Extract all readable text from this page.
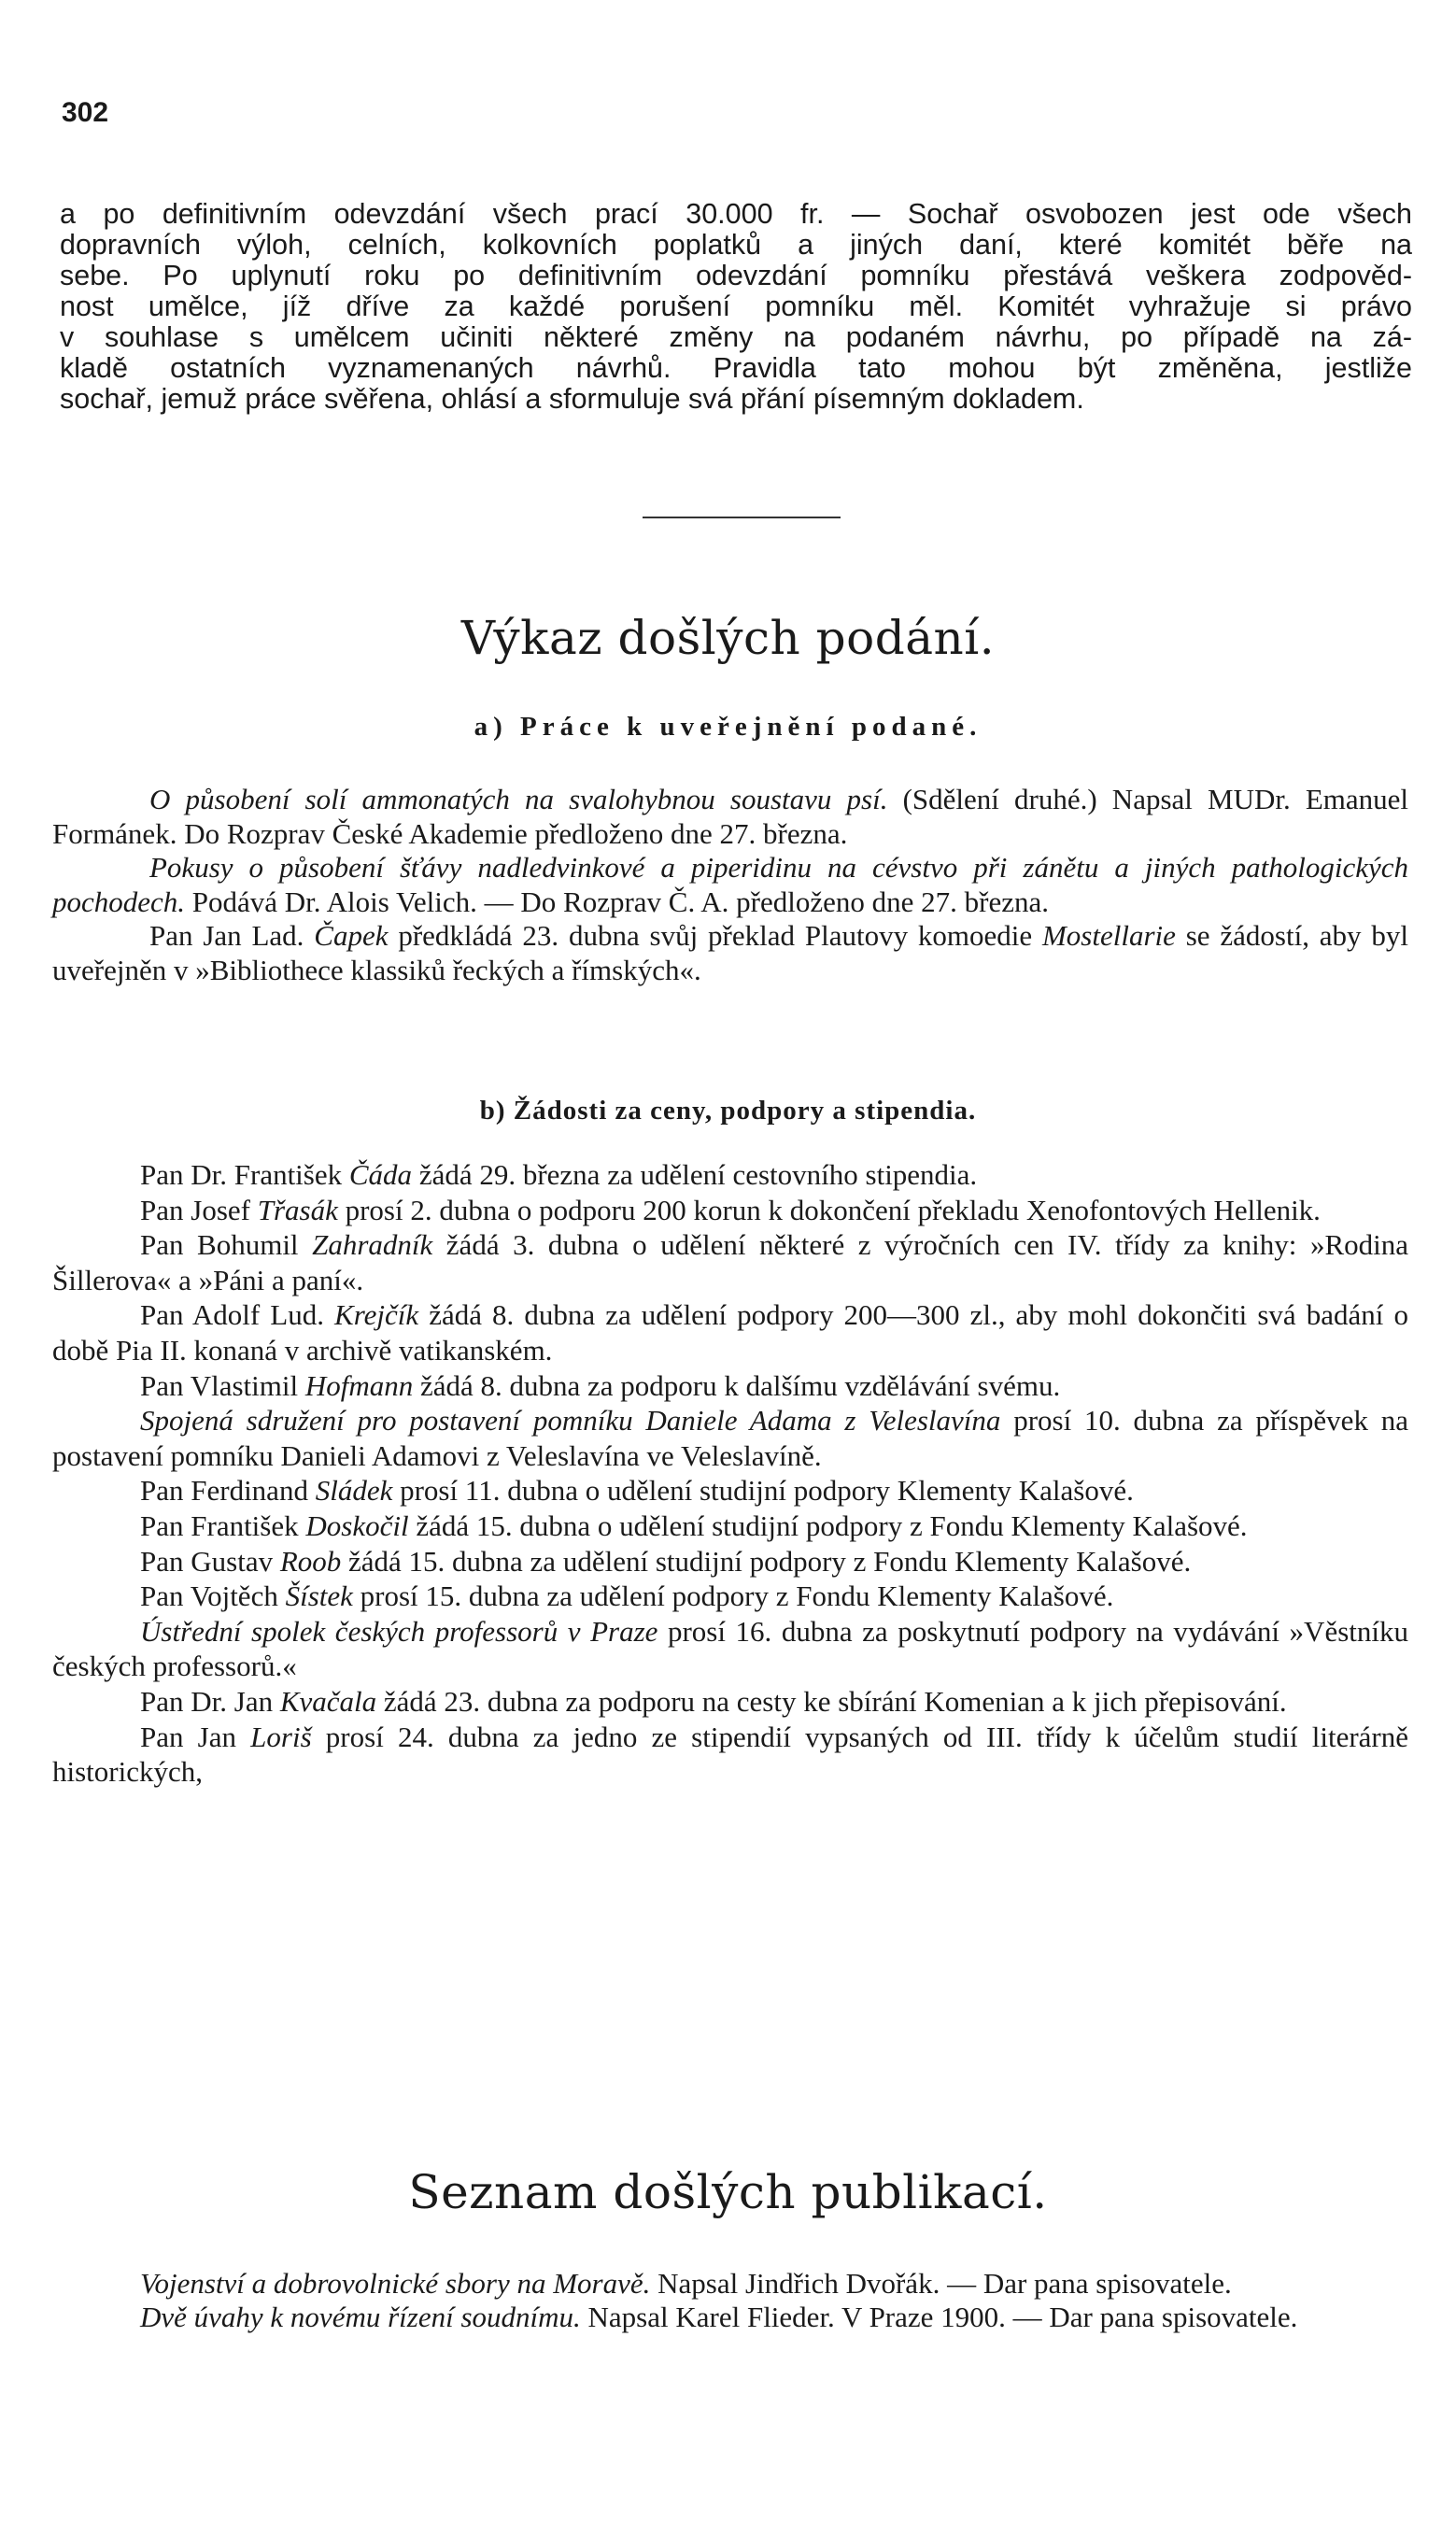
302
a po definitivním odevzdání všech prací 30.000 fr. — Sochař osvobozen jest ode všech
dopravních výloh, celních, kolkovních poplatků a jiných daní, které komitét běře na
sebe. Po uplynutí roku po definitivním odevzdání pomníku přestává veškera zodpověd-
nost umělce, jíž dříve za každé porušení pomníku měl. Komitét vyhražuje si právo
v souhlase s umělcem učiniti některé změny na podaném návrhu, po případě na zá-
kladě ostatních vyznamenaných návrhů. Pravidla tato mohou být změněna, jestliže
sochař, jemuž práce svěřena, ohlásí a sformuluje svá přání písemným dokladem.
Výkaz došlých podání.
a) Práce k uveřejnění podané.

O působení solí ammonatých na svalohybnou soustavu psí. (Sdělení druhé.) Napsal MUDr. Emanuel Formánek. Do Rozprav České Akademie předloženo dne 27. března.

Pokusy o působení šťávy nadledvinkové a piperidinu na cévstvo při zánětu a jiných pathologických pochodech. Podává Dr. Alois Velich. — Do Rozprav Č. A. předloženo dne 27. března.

Pan Jan Lad. Čapek předkládá 23. dubna svůj překlad Plautovy komoedie Mostellarie se žádostí, aby byl uveřejněn v »Bibliothece klassiků řeckých a římských«.

b) Žádosti za ceny, podpory a stipendia.

Pan Dr. František Čáda žádá 29. března za udělení cestovního stipendia.

Pan Josef Třasák prosí 2. dubna o podporu 200 korun k dokončení překladu Xenofontových Hellenik.

Pan Bohumil Zahradník žádá 3. dubna o udělení některé z výročních cen IV. třídy za knihy: »Rodina Šillerova« a »Páni a paní«.

Pan Adolf Lud. Krejčík žádá 8. dubna za udělení podpory 200—300 zl., aby mohl dokončiti svá badání o době Pia II. konaná v archivě vatikanském.

Pan Vlastimil Hofmann žádá 8. dubna za podporu k dalšímu vzdělávání svému.

Spojená sdružení pro postavení pomníku Daniele Adama z Veleslavína prosí 10. dubna za příspěvek na postavení pomníku Danieli Adamovi z Veleslavína ve Veleslavíně.

Pan Ferdinand Sládek prosí 11. dubna o udělení studijní podpory Klementy Kalašové.

Pan František Doskočil žádá 15. dubna o udělení studijní podpory z Fondu Klementy Kalašové.

Pan Gustav Roob žádá 15. dubna za udělení studijní podpory z Fondu Klementy Kalašové.

Pan Vojtěch Šístek prosí 15. dubna za udělení podpory z Fondu Klementy Kalašové.

Ústřední spolek českých professorů v Praze prosí 16. dubna za poskytnutí podpory na vydávání »Věstníku českých professorů.«

Pan Dr. Jan Kvačala žádá 23. dubna za podporu na cesty ke sbírání Komenian a k jich přepisování.

Pan Jan Loriš prosí 24. dubna za jedno ze stipendií vypsaných od III. třídy k účelům studií literárně historických,

Seznam došlých publikací.

Vojenství a dobrovolnické sbory na Moravě. Napsal Jindřich Dvořák. — Dar pana spisovatele.

Dvě úvahy k novému řízení soudnímu. Napsal Karel Flieder. V Praze 1900. — Dar pana spisovatele.
